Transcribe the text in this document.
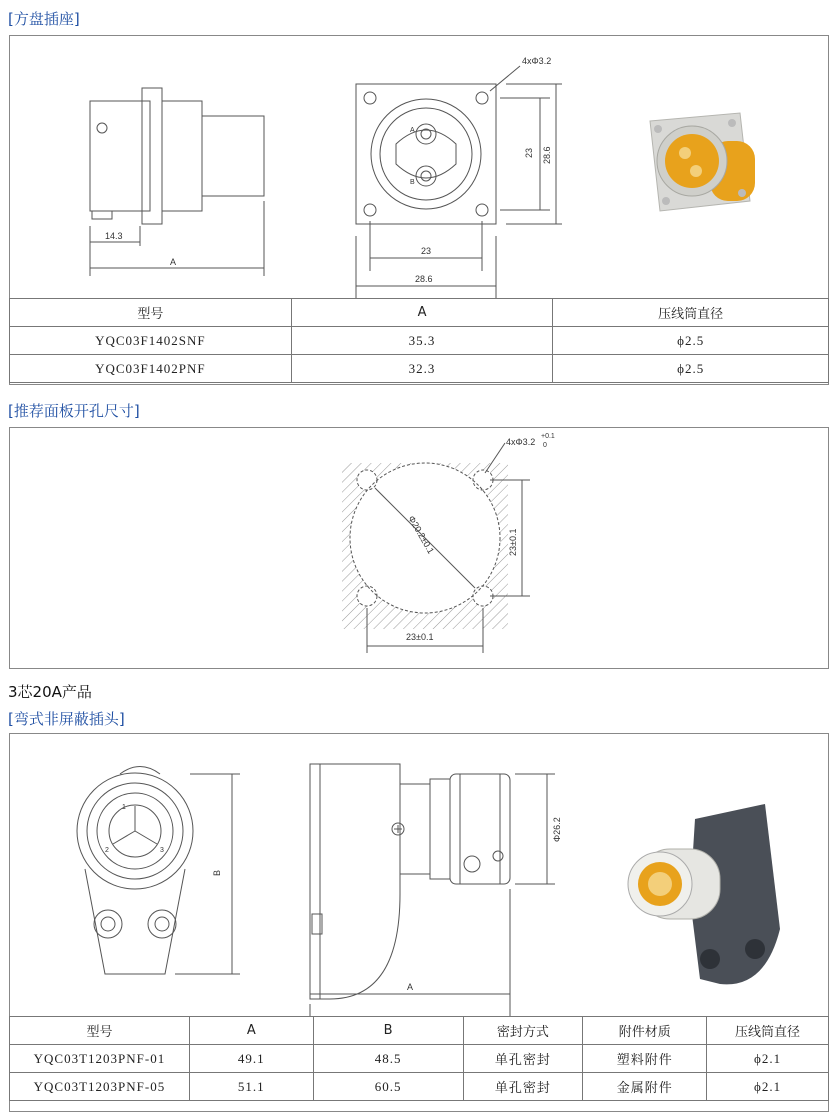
[方盘插座]
14.3
A
4xΦ3.2
23 28.6
23
28.6
A
B
型号	A	压线筒直径
YQC03F1402SNF	35.3	ϕ2.5
YQC03F1402PNF	32.3	ϕ2.5
[推荐面板开孔尺寸]
4xΦ3.2
+0.1
0
Φ20.2±0.1	23±0.1
23±0.1
3芯20A产品
[弯式非屏蔽插头]
B
A
Φ26.2
1
2	3
型号	A	B	密封方式	附件材质	压线筒直径
YQC03T1203PNF-01	49.1	48.5	单孔密封	塑料附件	ϕ2.1
YQC03T1203PNF-05	51.1	60.5	单孔密封	金属附件	ϕ2.1
